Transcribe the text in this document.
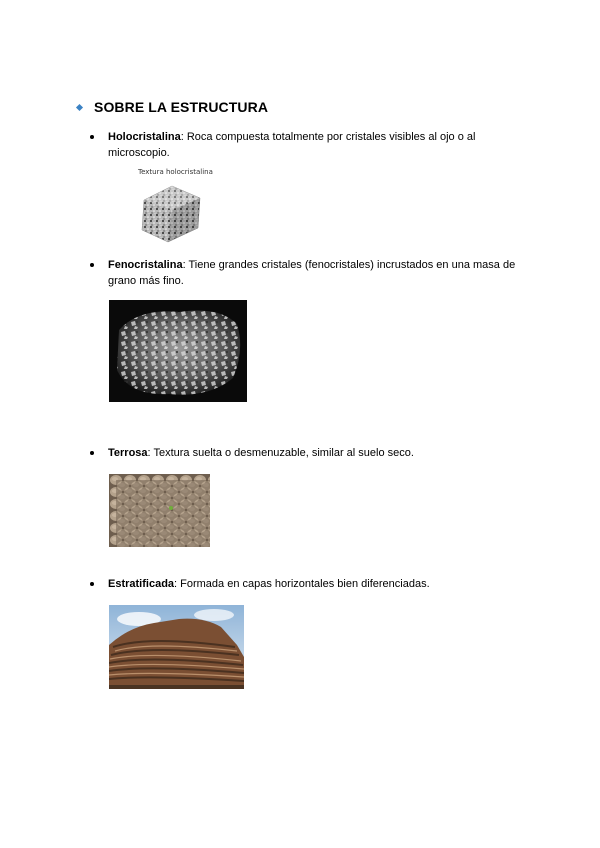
SOBRE LA ESTRUCTURA
Holocristalina: Roca compuesta totalmente por cristales visibles al ojo o al microscopio.
Textura holocristalina
Fenocristalina: Tiene grandes cristales (fenocristales) incrustados en una masa de grano más fino.
Terrosa: Textura suelta o desmenuzable, similar al suelo seco.
Estratificada: Formada en capas horizontales bien diferenciadas.
